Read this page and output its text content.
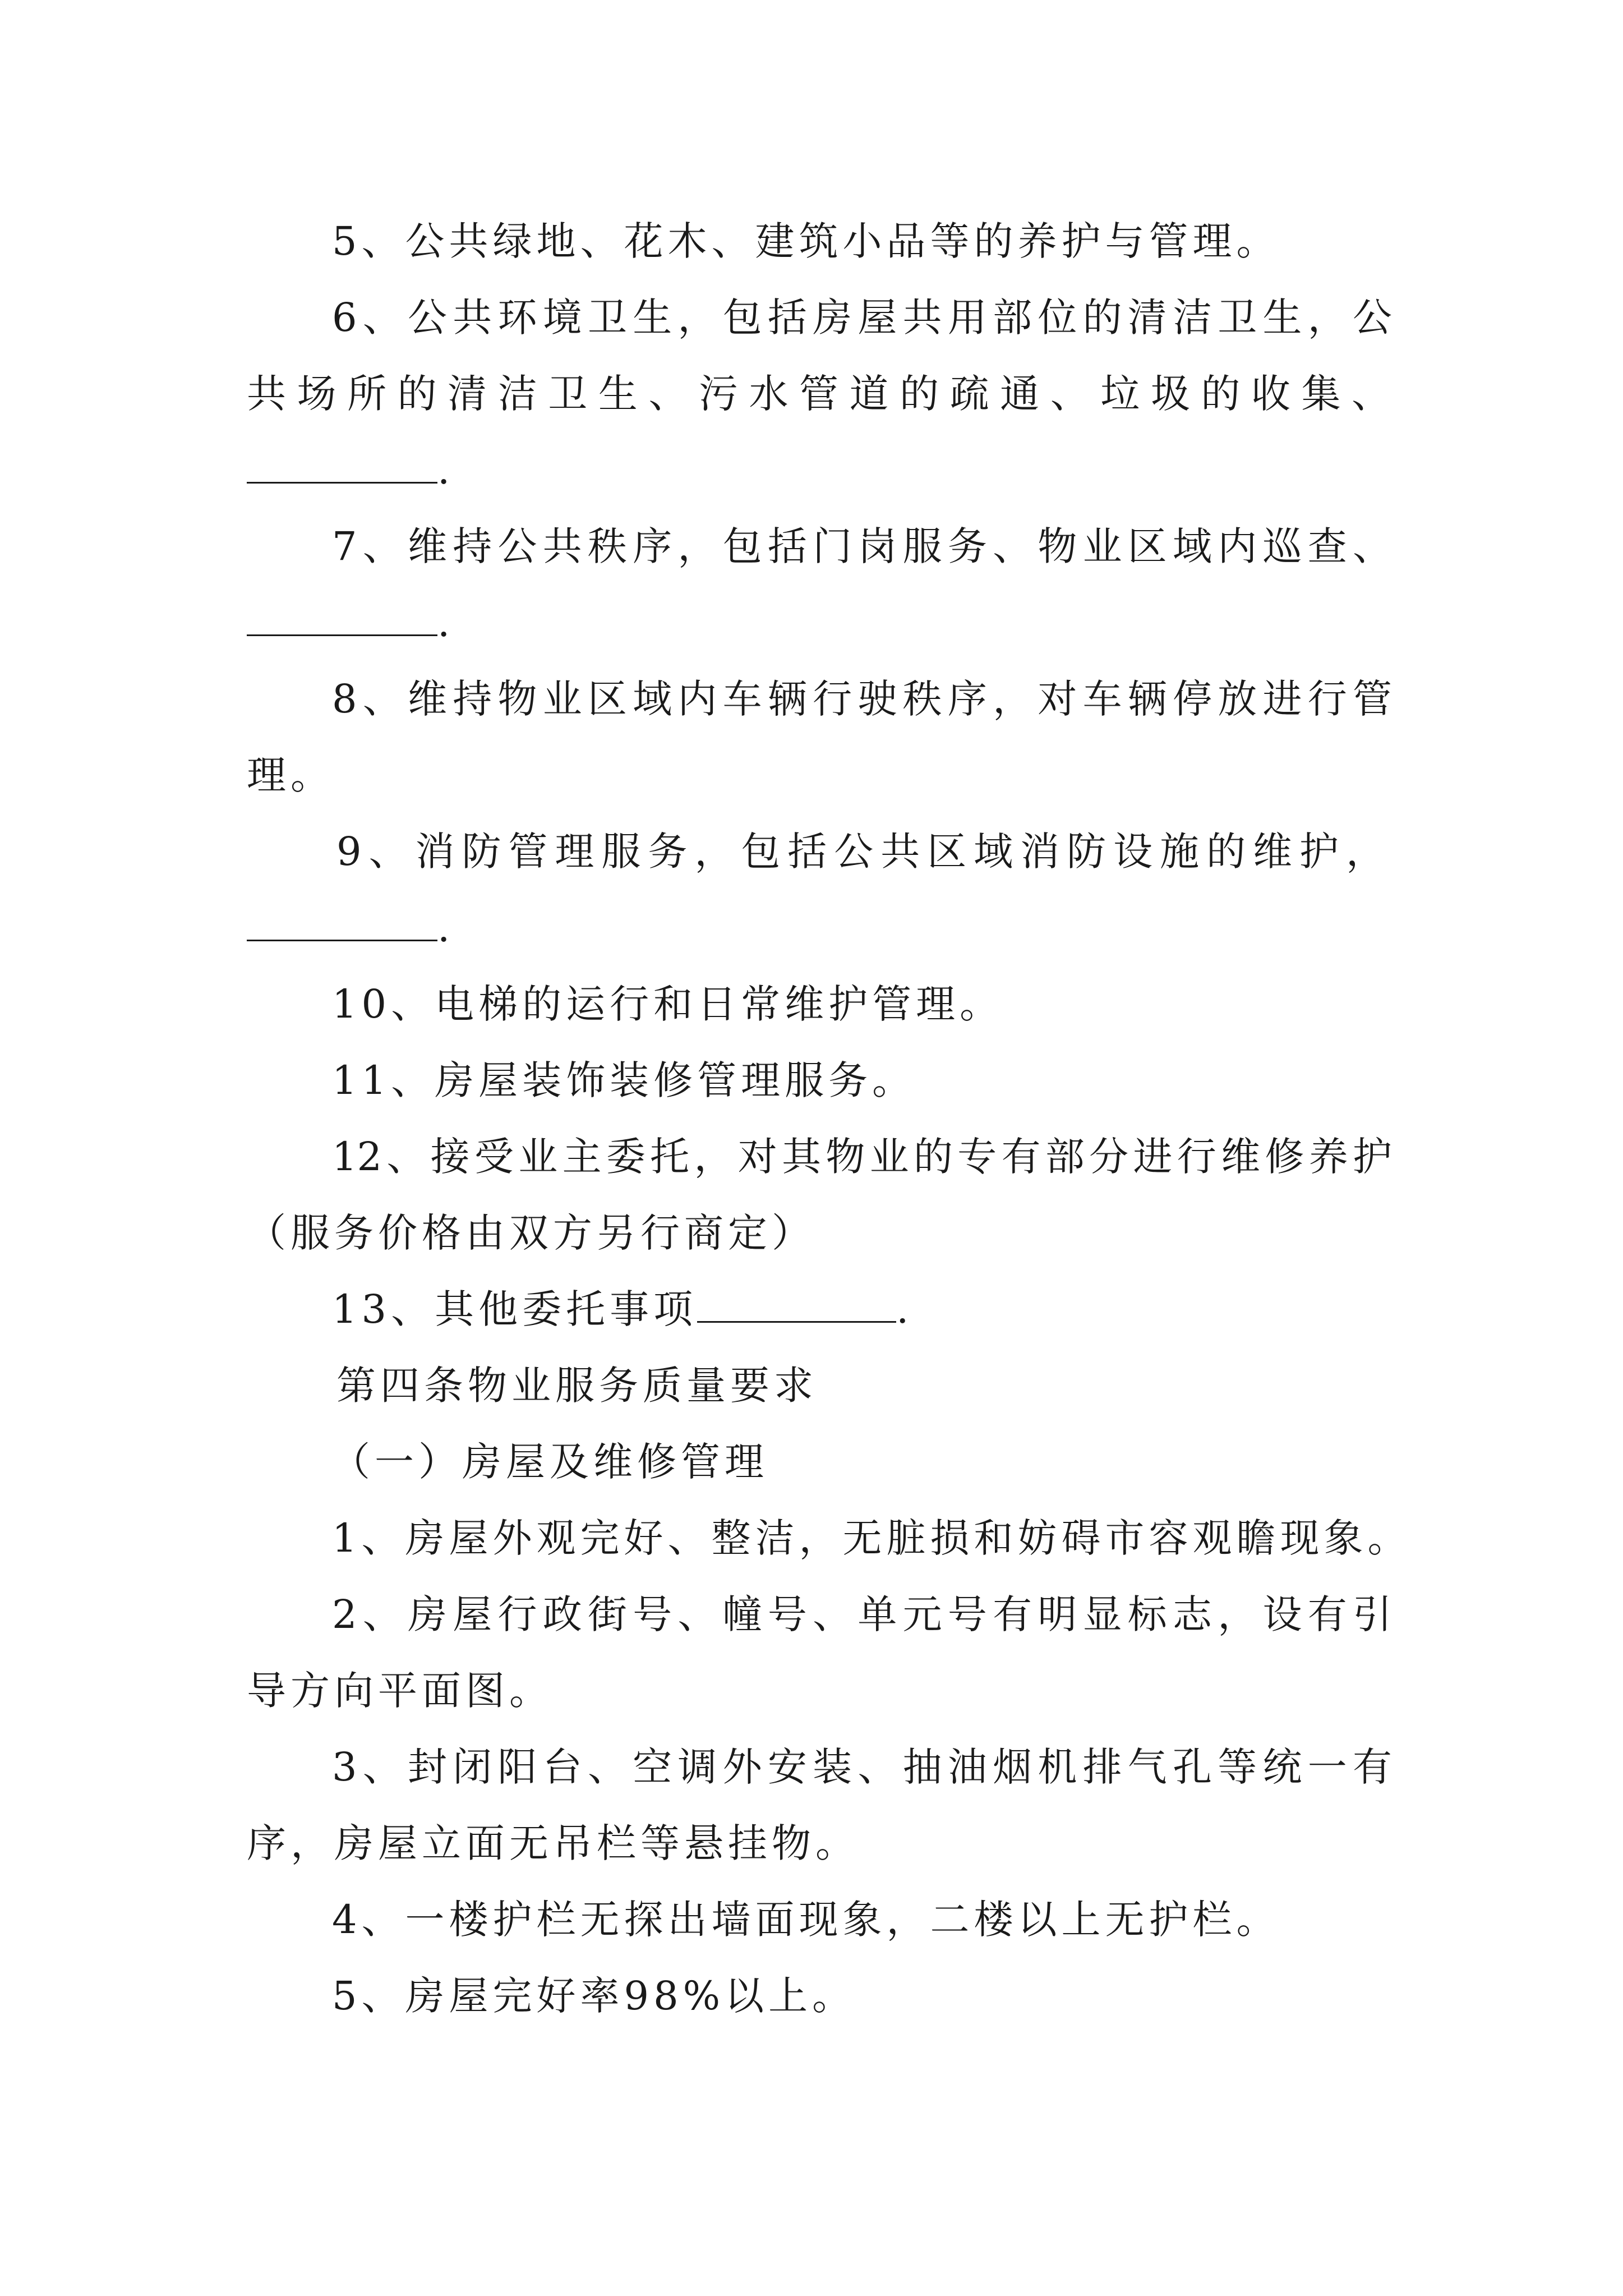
5、公共绿地、花木、建筑小品等的养护与管理。
6、公共环境卫生，包括房屋共用部位的清洁卫生，公
共场所的清洁卫生、污水管道的疏通、垃圾的收集、
.
7、维持公共秩序，包括门岗服务、物业区域内巡查、
.
8、维持物业区域内车辆行驶秩序，对车辆停放进行管
理。
9、消防管理服务，包括公共区域消防设施的维护，
.
10、电梯的运行和日常维护管理。
11、房屋装饰装修管理服务。
12、接受业主委托，对其物业的专有部分进行维修养护
（服务价格由双方另行商定）
13、其他委托事项	.
第四条物业服务质量要求
（一）房屋及维修管理
1、房屋外观完好、整洁，无脏损和妨碍市容观瞻现象。
2、房屋行政街号、幢号、单元号有明显标志，设有引
导方向平面图。
3、封闭阳台、空调外安装、抽油烟机排气孔等统一有
序，房屋立面无吊栏等悬挂物。
4、一楼护栏无探出墙面现象，二楼以上无护栏。
5、房屋完好率98%以上。
